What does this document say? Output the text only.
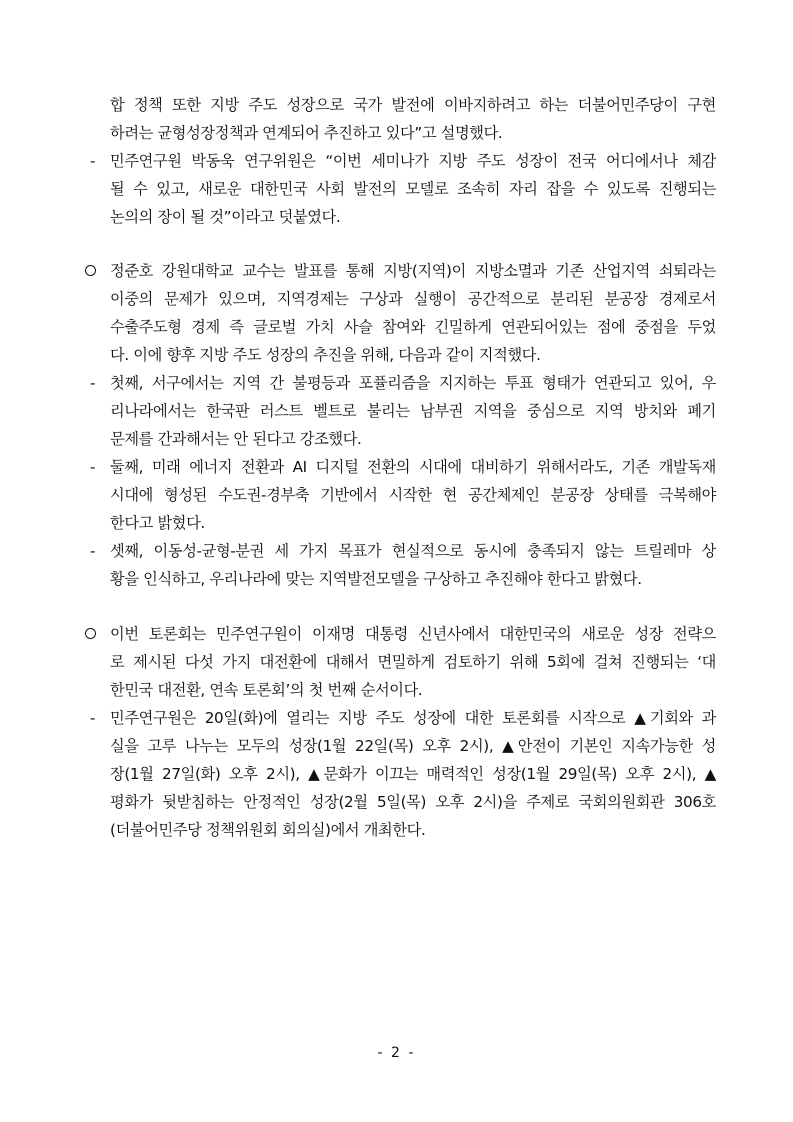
합 정책 또한 지방 주도 성장으로 국가 발전에 이바지하려고 하는 더불어민주당이 구현
하려는 균형성장정책과 연계되어 추진하고 있다”고 설명했다.
- 민주연구원 박동욱 연구위원은 “이번 세미나가 지방 주도 성장이 전국 어디에서나 체감
될 수 있고, 새로운 대한민국 사회 발전의 모델로 조속히 자리 잡을 수 있도록 진행되는
논의의 장이 될 것”이라고 덧붙였다.
정준호 강원대학교 교수는 발표를 통해 지방(지역)이 지방소멸과 기존 산업지역 쇠퇴라는
이중의 문제가 있으며, 지역경제는 구상과 실행이 공간적으로 분리된 분공장 경제로서
수출주도형 경제 즉 글로벌 가치 사슬 참여와 긴밀하게 연관되어있는 점에 중점을 두었
다. 이에 향후 지방 주도 성장의 추진을 위해, 다음과 같이 지적했다.
- 첫째, 서구에서는 지역 간 불평등과 포퓰리즘을 지지하는 투표 형태가 연관되고 있어, 우
리나라에서는 한국판 러스트 벨트로 불리는 남부권 지역을 중심으로 지역 방치와 폐기
문제를 간과해서는 안 된다고 강조했다.
- 둘째, 미래 에너지 전환과 AI 디지털 전환의 시대에 대비하기 위해서라도, 기존 개발독재
시대에 형성된 수도권-경부축 기반에서 시작한 현 공간체제인 분공장 상태를 극복해야
한다고 밝혔다.
- 셋째, 이동성-균형-분권 세 가지 목표가 현실적으로 동시에 충족되지 않는 트릴레마 상
황을 인식하고, 우리나라에 맞는 지역발전모델을 구상하고 추진해야 한다고 밝혔다.
이번 토론회는 민주연구원이 이재명 대통령 신년사에서 대한민국의 새로운 성장 전략으
로 제시된 다섯 가지 대전환에 대해서 면밀하게 검토하기 위해 5회에 걸쳐 진행되는 ‘대
한민국 대전환, 연속 토론회’의 첫 번째 순서이다.
- 민주연구원은 20일(화)에 열리는 지방 주도 성장에 대한 토론회를 시작으로 ▲기회와 과
실을 고루 나누는 모두의 성장(1월 22일(목) 오후 2시), ▲안전이 기본인 지속가능한 성
장(1월 27일(화) 오후 2시), ▲문화가 이끄는 매력적인 성장(1월 29일(목) 오후 2시), ▲
평화가 뒷받침하는 안정적인 성장(2월 5일(목) 오후 2시)을 주제로 국회의원회관 306호
(더불어민주당 정책위원회 회의실)에서 개최한다.
- 2 -
